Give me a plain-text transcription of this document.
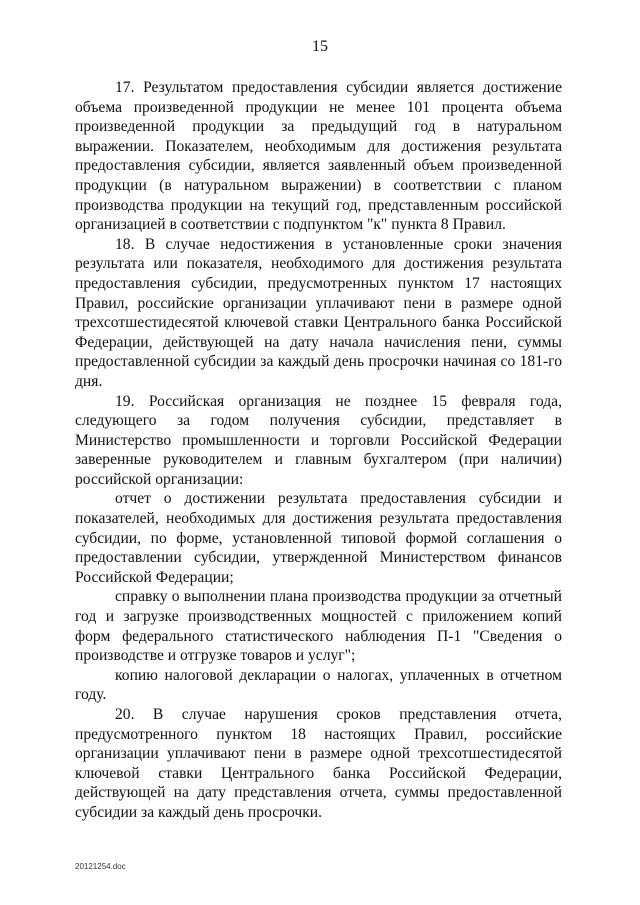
15

17. Результатом предоставления субсидии является достижение объема произведенной продукции не менее 101 процента объема произведенной продукции за предыдущий год в натуральном выражении. Показателем, необходимым для достижения результата предоставления субсидии, является заявленный объем произведенной продукции (в натуральном выражении) в соответствии с планом производства продукции на текущий год, представленным российской организацией в соответствии с подпунктом "к" пункта 8 Правил.

18. В случае недостижения в установленные сроки значения результата или показателя, необходимого для достижения результата предоставления субсидии, предусмотренных пунктом 17 настоящих Правил, российские организации уплачивают пени в размере одной трехсотшестидесятой ключевой ставки Центрального банка Российской Федерации, действующей на дату начала начисления пени, суммы предоставленной субсидии за каждый день просрочки начиная со 181-го дня.

19. Российская организация не позднее 15 февраля года, следующего за годом получения субсидии, представляет в Министерство промышленности и торговли Российской Федерации заверенные руководителем и главным бухгалтером (при наличии) российской организации:

отчет о достижении результата предоставления субсидии и показателей, необходимых для достижения результата предоставления субсидии, по форме, установленной типовой формой соглашения о предоставлении субсидии, утвержденной Министерством финансов Российской Федерации;

справку о выполнении плана производства продукции за отчетный год и загрузке производственных мощностей с приложением копий форм федерального статистического наблюдения П-1 "Сведения о производстве и отгрузке товаров и услуг";

копию налоговой декларации о налогах, уплаченных в отчетном году.

20. В случае нарушения сроков представления отчета, предусмотренного пунктом 18 настоящих Правил, российские организации уплачивают пени в размере одной трехсотшестидесятой ключевой ставки Центрального банка Российской Федерации, действующей на дату представления отчета, суммы предоставленной субсидии за каждый день просрочки.

20121254.doc
